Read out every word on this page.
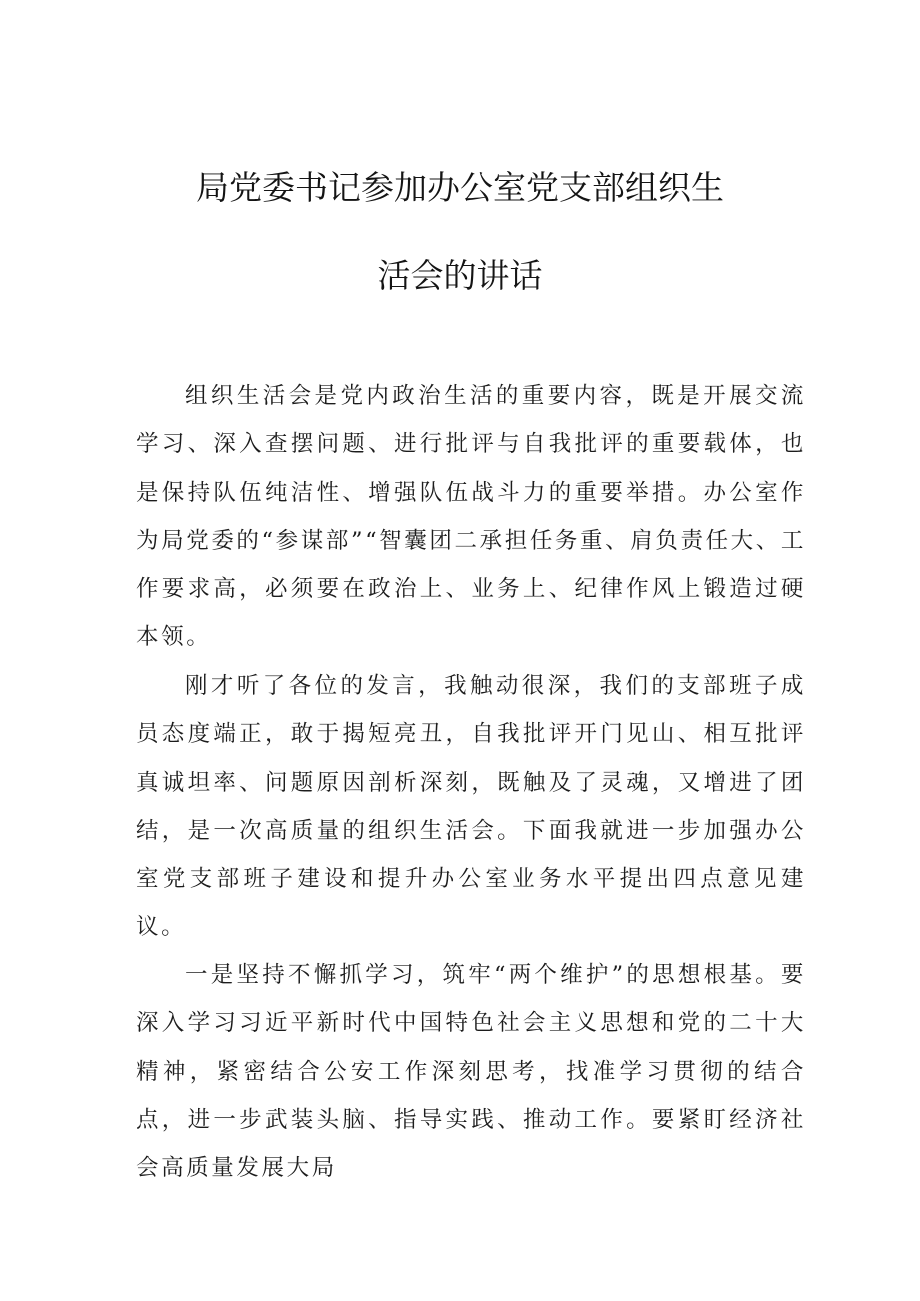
局党委书记参加办公室党支部组织生
活会的讲话

组织生活会是党内政治生活的重要内容，既是开展交流学习、深入查摆问题、进行批评与自我批评的重要载体，也是保持队伍纯洁性、增强队伍战斗力的重要举措。办公室作为局党委的“参谋部”“智囊团二承担任务重、肩负责任大、工作要求高，必须要在政治上、业务上、纪律作风上锻造过硬本领。

刚才听了各位的发言，我触动很深，我们的支部班子成员态度端正，敢于揭短亮丑，自我批评开门见山、相互批评真诚坦率、问题原因剖析深刻，既触及了灵魂，又增进了团结，是一次高质量的组织生活会。下面我就进一步加强办公室党支部班子建设和提升办公室业务水平提出四点意见建议。

一是坚持不懈抓学习，筑牢“两个维护”的思想根基。要深入学习习近平新时代中国特色社会主义思想和党的二十大精神，紧密结合公安工作深刻思考，找准学习贯彻的结合点，进一步武装头脑、指导实践、推动工作。要紧盯经济社会高质量发展大局
